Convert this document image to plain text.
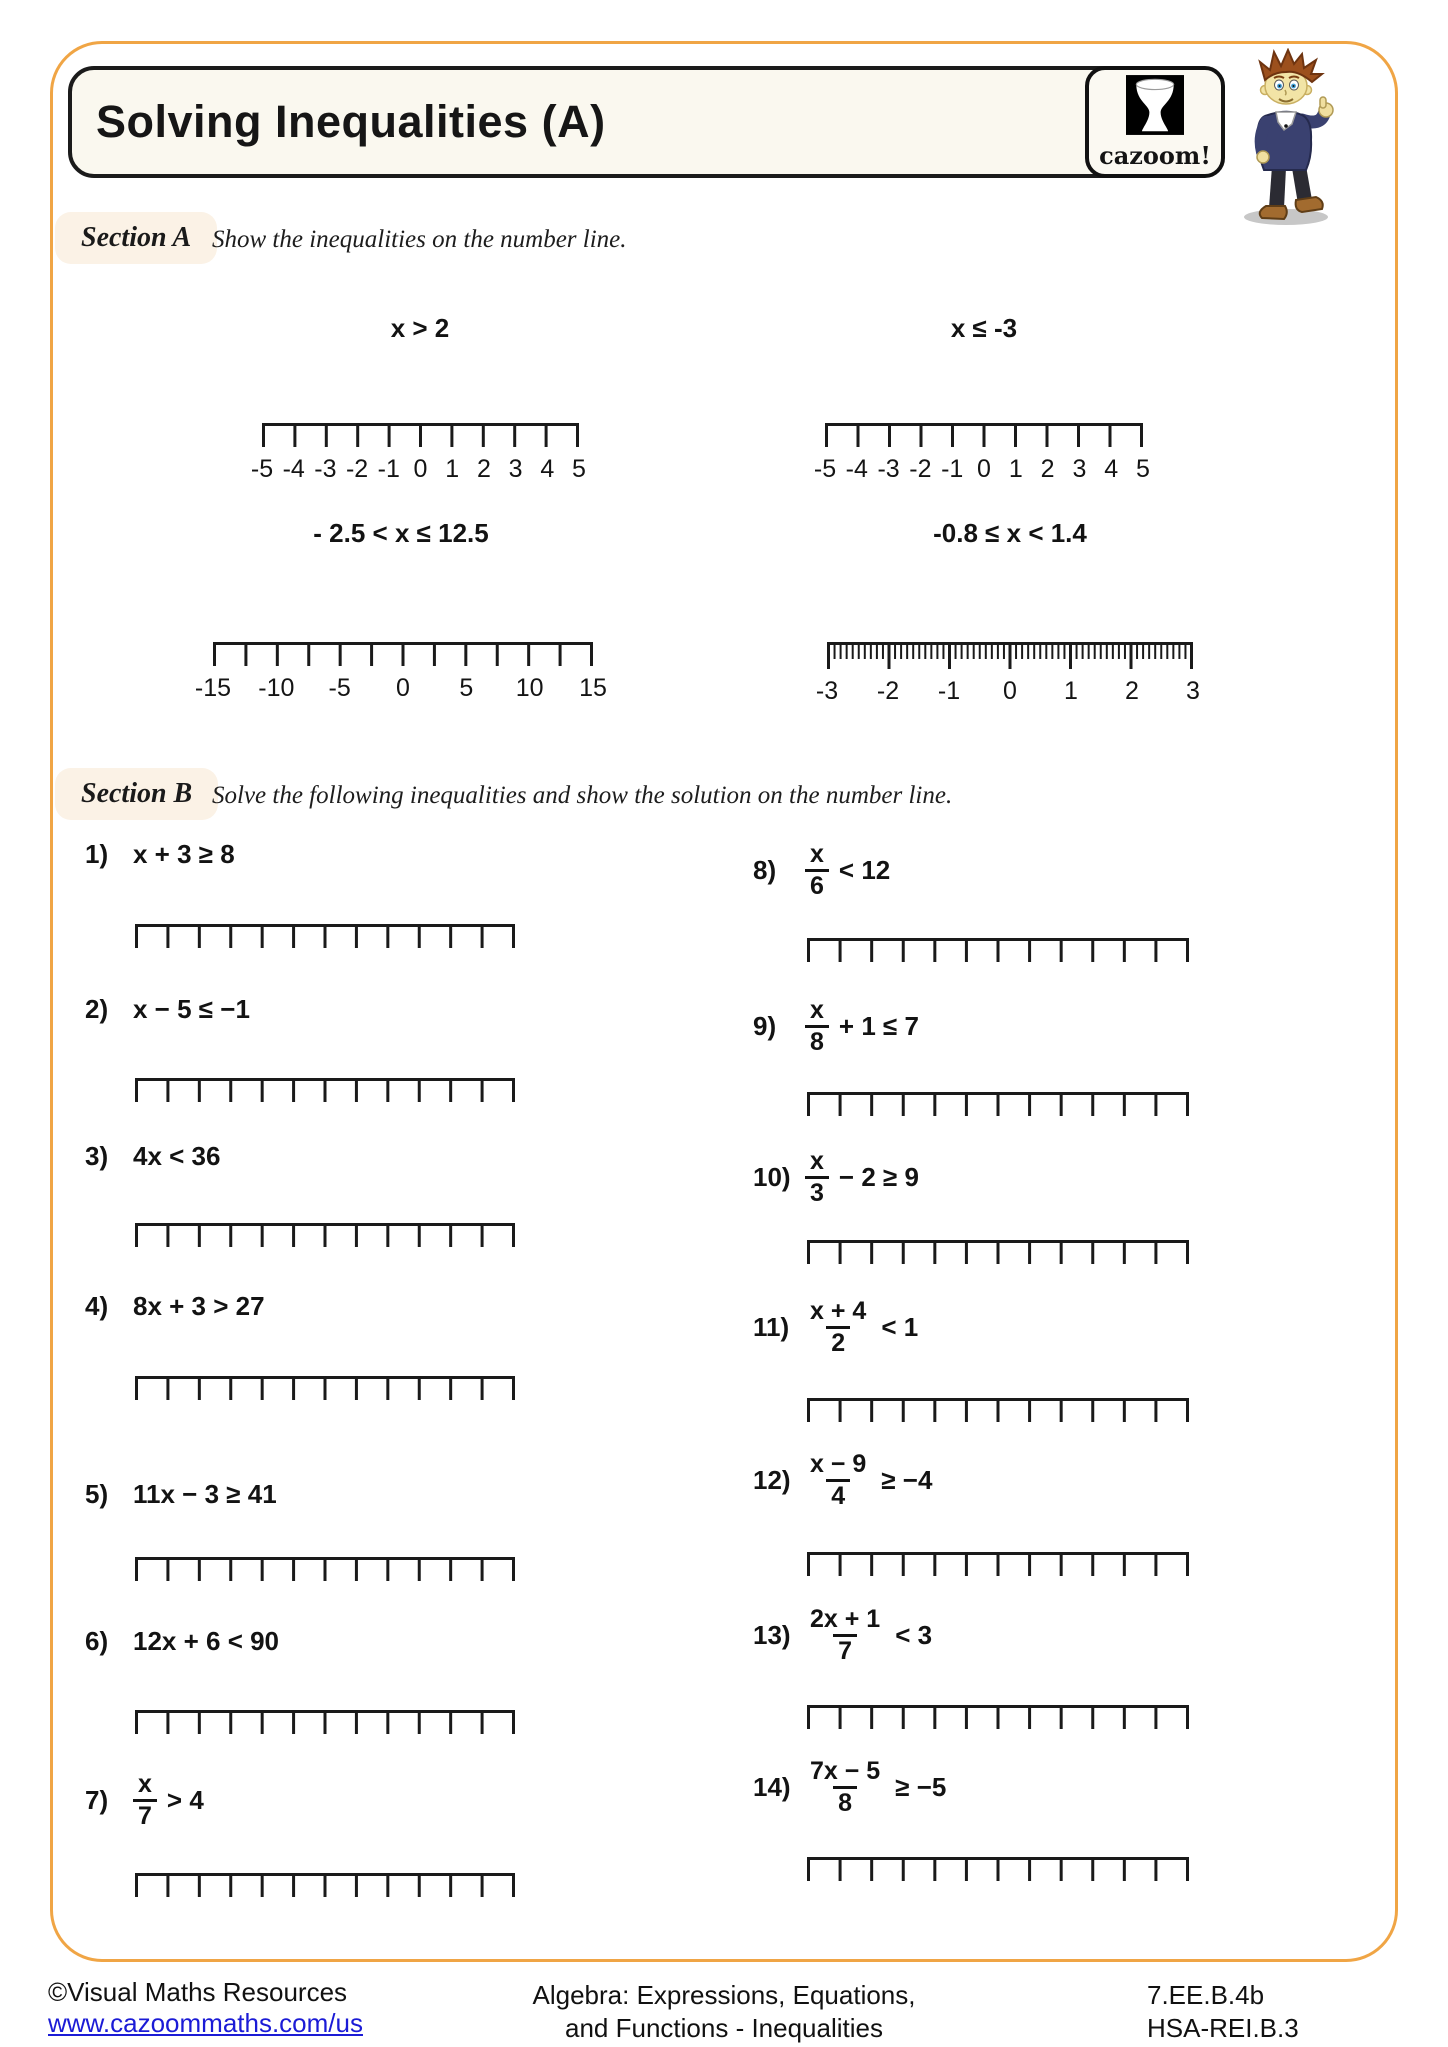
Solving Inequalities (A)
cazoom!
Section A Show the inequalities on the number line.
Section B Solve the following inequalities and show the solution on the number line.
x > 2
-5 -4 -3 -2 -1 0 1 2 3 4 5
x ≤ -3
-5 -4 -3 -2 -1 0 1 2 3 4 5
- 2.5 < x ≤ 12.5
-15 -10 -5 0 5 10 15
-0.8 ≤ x < 1.4
-3 -2 -1 0 1 2 3
1) x + 3 ≥ 8
2) x − 5 ≤ −1
3) 4x < 36
4) 8x + 3 > 27
5) 11x − 3 ≥ 41
6) 12x + 6 < 90
$7) \frac{x}{7} > 4$
8)	$\frac{x}{6} < 12$
9)	$\frac{x}{8} + 1 \le 7$
$10) \frac{x}{3} - 2 \ge 9$
$11) \frac{x + 4}{2} < 1$
$12) \frac{x - 9}{4} \ge -4$
$13) \frac{2x + 1}{7} < 3$
$14) \frac{7x - 5}{8} \ge -5$
©Visual Maths Resources
www.cazoommaths.com/us
Algebra: Expressions, Equations,
and Functions - Inequalities
7.EE.B.4b
HSA-REI.B.3
